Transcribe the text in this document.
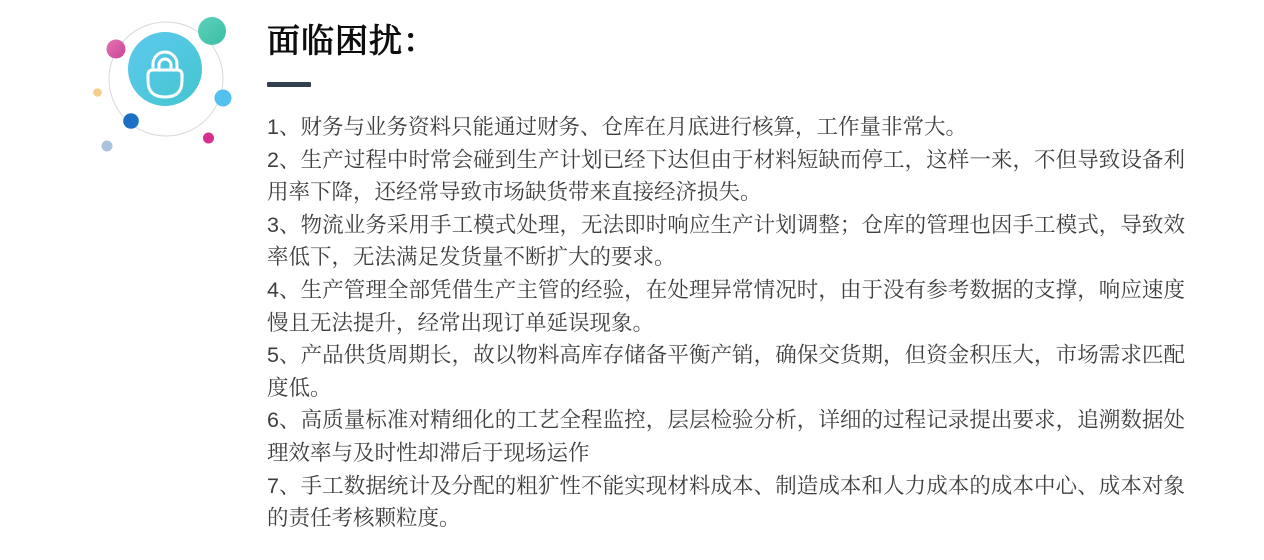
面临困扰：

1、财务与业务资料只能通过财务、仓库在月底进行核算，工作量非常大。

2、生产过程中时常会碰到生产计划已经下达但由于材料短缺而停工，这样一来，不但导致设备利用率下降，还经常导致市场缺货带来直接经济损失。

3、物流业务采用手工模式处理，无法即时响应生产计划调整；仓库的管理也因手工模式，导致效率低下，无法满足发货量不断扩大的要求。

4、生产管理全部凭借生产主管的经验，在处理异常情况时，由于没有参考数据的支撑，响应速度慢且无法提升，经常出现订单延误现象。

5、产品供货周期长，故以物料高库存储备平衡产销，确保交货期，但资金积压大，市场需求匹配度低。

6、高质量标准对精细化的工艺全程监控，层层检验分析，详细的过程记录提出要求，追溯数据处理效率与及时性却滞后于现场运作

7、手工数据统计及分配的粗犷性不能实现材料成本、制造成本和人力成本的成本中心、成本对象的责任考核颗粒度。
